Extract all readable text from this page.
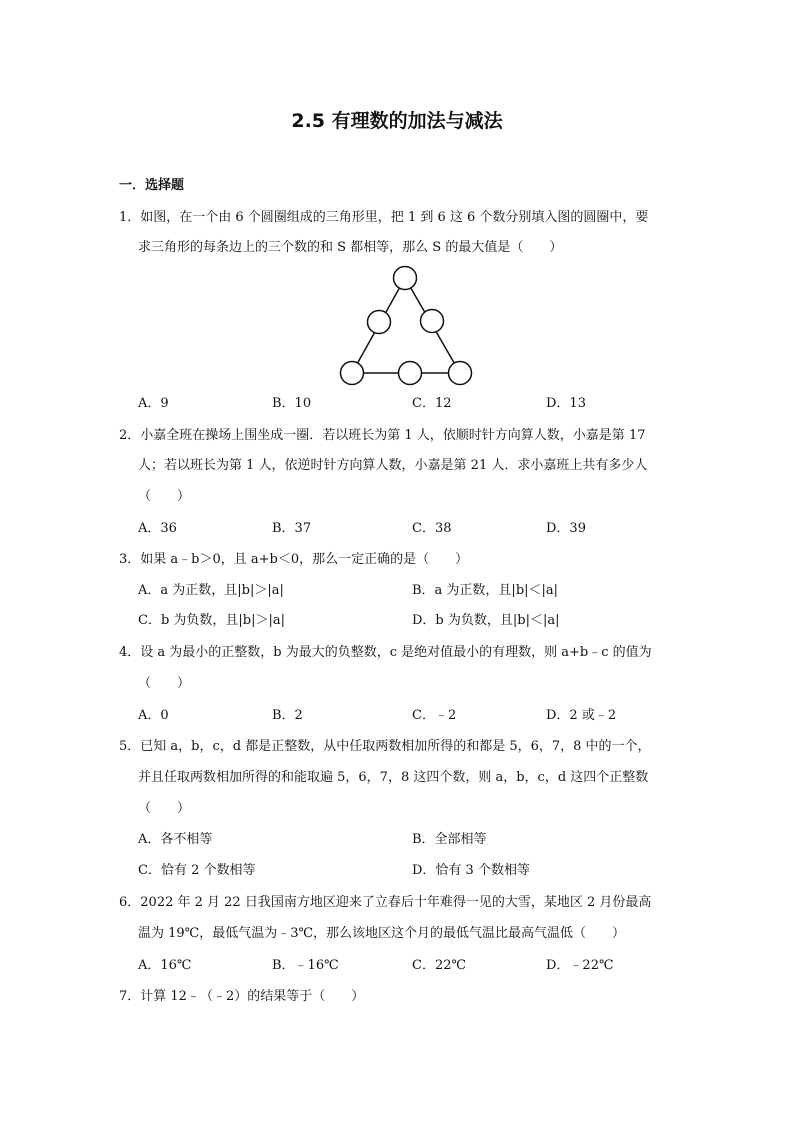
2.5 有理数的加法与减法
一．选择题
1．如图，在一个由 6 个圆圈组成的三角形里，把 1 到 6 这 6 个数分别填入图的圆圈中，要
求三角形的每条边上的三个数的和 S 都相等，那么 S 的最大值是（　　）
A．9	B．10	C．12	D．13
2．小嘉全班在操场上围坐成一圈．若以班长为第 1 人，依顺时针方向算人数，小嘉是第 17
人；若以班长为第 1 人，依逆时针方向算人数，小嘉是第 21 人．求小嘉班上共有多少人
（　　）
A．36	B．37	C．38	D．39
3．如果 a﹣b＞0，且 a+b＜0，那么一定正确的是（　　）
A．a 为正数，且|b|＞|a|	B．a 为正数，且|b|＜|a|
C．b 为负数，且|b|＞|a|	D．b 为负数，且|b|＜|a|
4．设 a 为最小的正整数，b 为最大的负整数，c 是绝对值最小的有理数，则 a+b﹣c 的值为
（　　）
A．0	B．2	C．﹣2	D．2 或﹣2
5．已知 a，b，c，d 都是正整数，从中任取两数相加所得的和都是 5，6，7，8 中的一个，
并且任取两数相加所得的和能取遍 5，6，7，8 这四个数，则 a，b，c，d 这四个正整数
（　　）
A．各不相等	B．全部相等
C．恰有 2 个数相等	D．恰有 3 个数相等
6．2022 年 2 月 22 日我国南方地区迎来了立春后十年难得一见的大雪，某地区 2 月份最高
温为 19℃，最低气温为﹣3℃，那么该地区这个月的最低气温比最高气温低（　　）
A．16℃	B．﹣16℃	C．22℃	D．﹣22℃
7．计算 12﹣（﹣2）的结果等于（　　）
